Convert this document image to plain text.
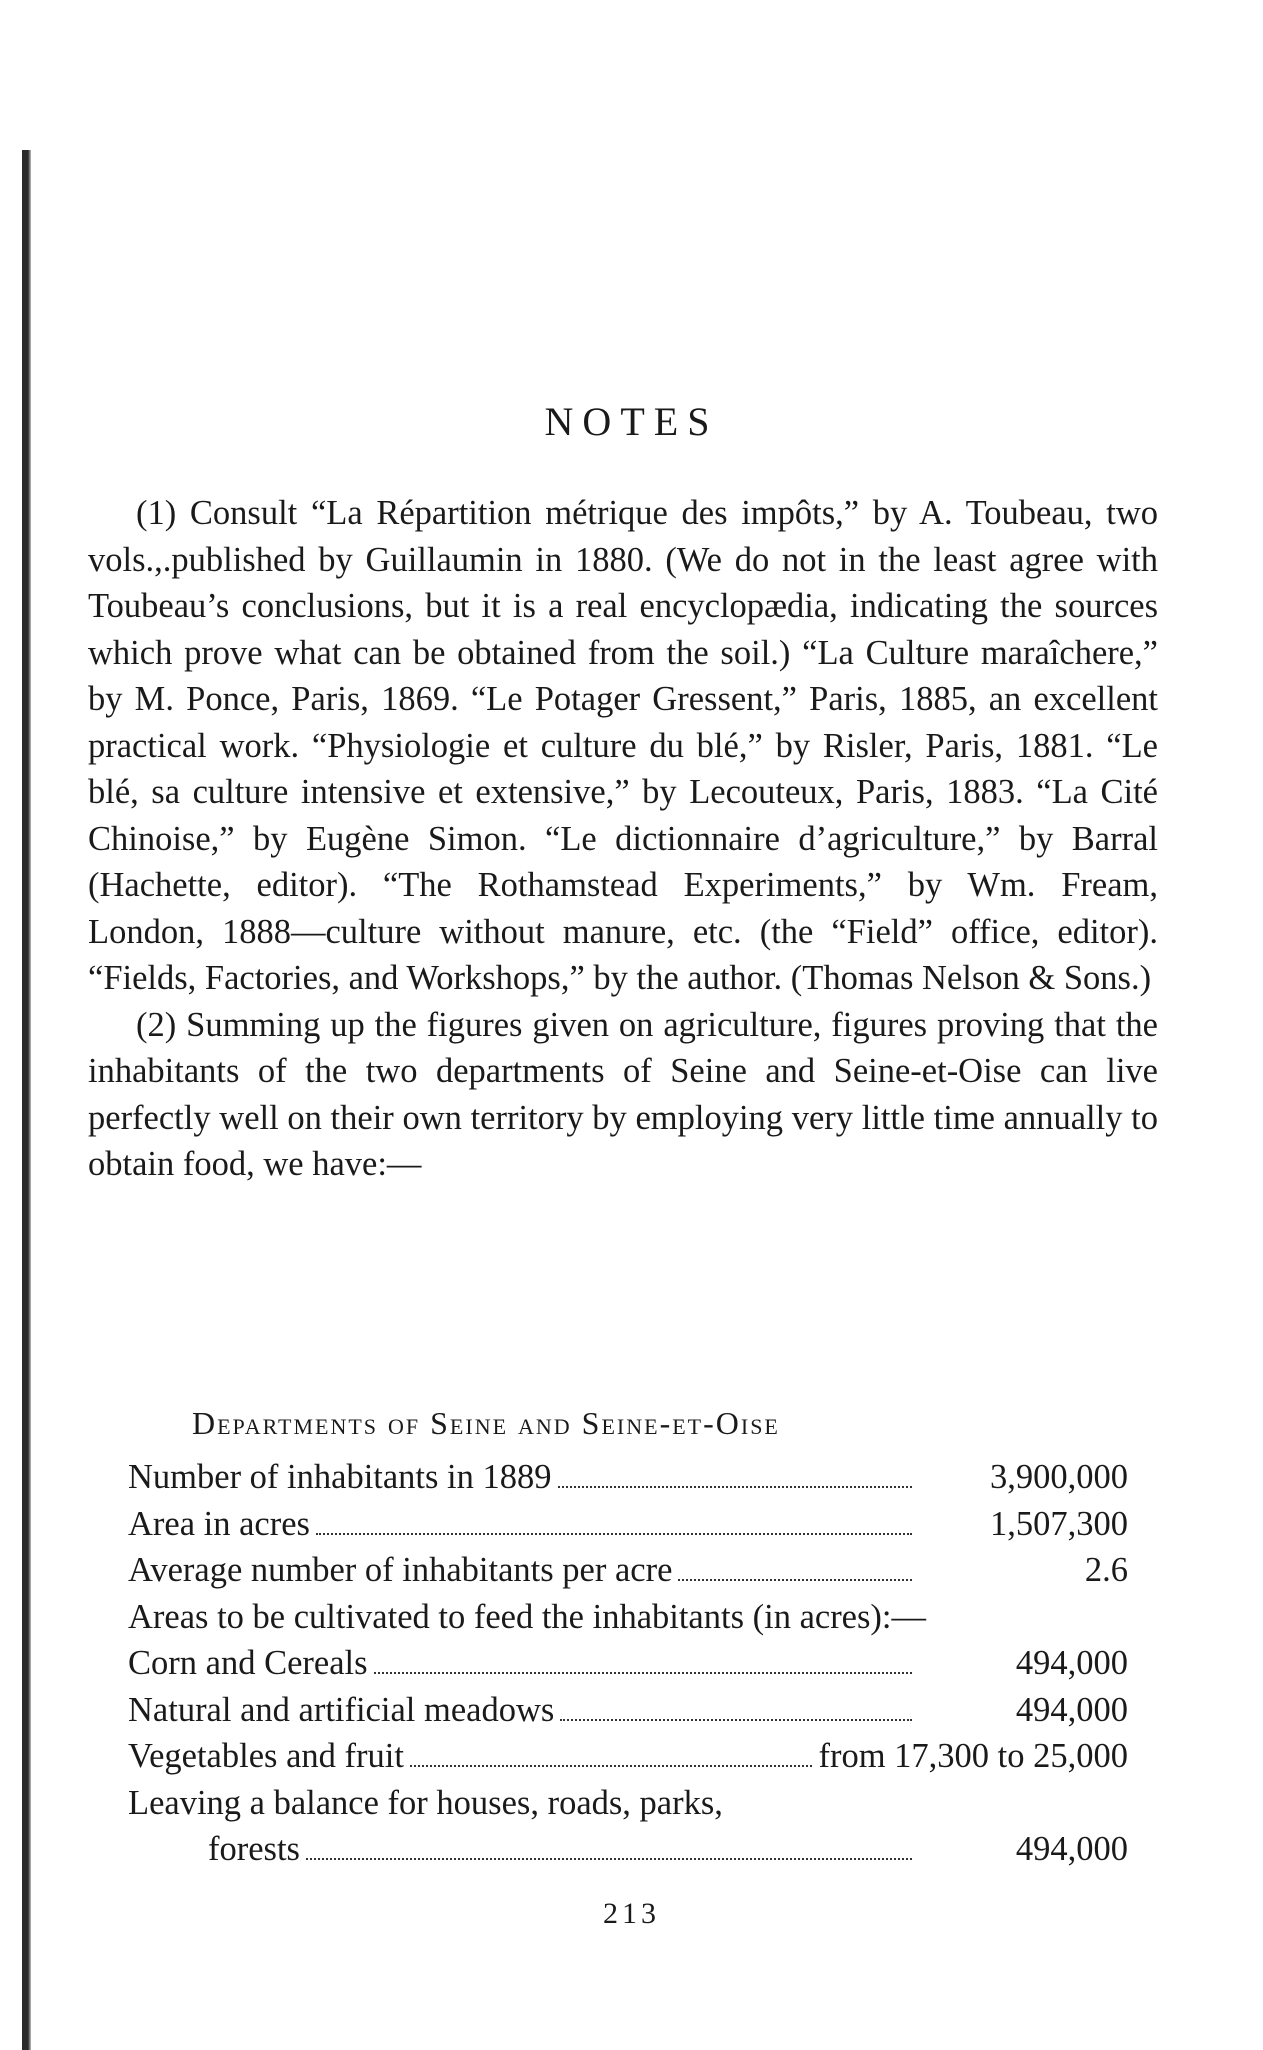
NOTES

(1) Consult “La Répartition métrique des impôts,” by A. Toubeau, two vols.,.published by Guillaumin in 1880. (We do not in the least agree with Toubeau’s conclusions, but it is a real encyclopædia, indicating the sources which prove what can be obtained from the soil.) “La Culture maraîchere,” by M. Ponce, Paris, 1869. “Le Potager Gressent,” Paris, 1885, an excellent practical work. “Physiologie et culture du blé,” by Risler, Paris, 1881. “Le blé, sa culture intensive et extensive,” by Lecouteux, Paris, 1883. “La Cité Chinoise,” by Eugène Simon. “Le dictionnaire d’agriculture,” by Barral (Hachette, editor). “The Rothamstead Experiments,” by Wm. Fream, London, 1888—culture without manure, etc. (the “Field” office, editor). “Fields, Factories, and Workshops,” by the author. (Thomas Nelson & Sons.)

(2) Summing up the figures given on agriculture, figures proving that the inhabitants of the two departments of Seine and Seine-et-Oise can live perfectly well on their own territory by employing very little time annually to obtain food, we have:—

Departments of Seine and Seine-et-Oise
Number of inhabitants in 1889	3,900,000
Area in acres	1,507,300
Average number of inhabitants per acre	2.6
Areas to be cultivated to feed the inhabitants (in acres):—
Corn and Cereals	494,000
Natural and artificial meadows	494,000
Vegetables and fruit	from 17,300 to 25,000
Leaving a balance for houses, roads, parks,
forests	494,000
213
